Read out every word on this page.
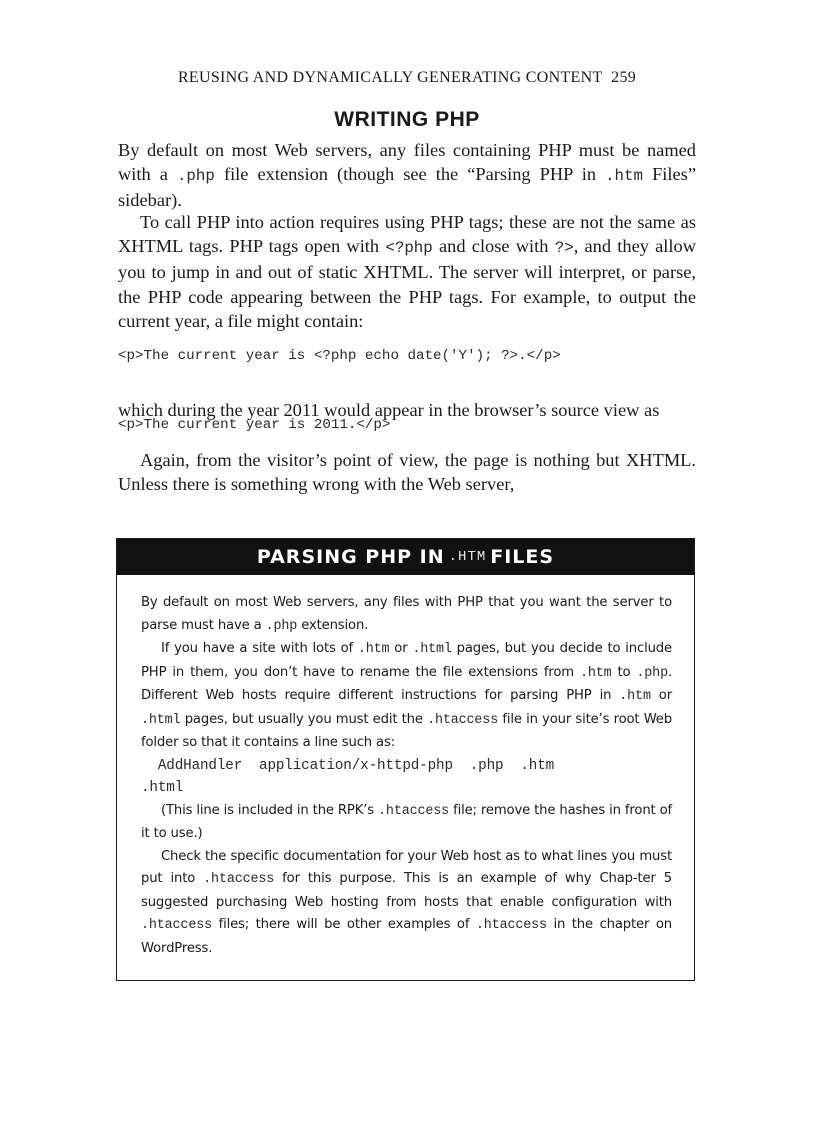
REUSING AND DYNAMICALLY GENERATING CONTENT 259
WRITING PHP
By default on most Web servers, any files containing PHP must be named with a .php file extension (though see the “Parsing PHP in .htm Files” sidebar).
To call PHP into action requires using PHP tags; these are not the same as XHTML tags. PHP tags open with <?php and close with ?>, and they allow you to jump in and out of static XHTML. The server will interpret, or parse, the PHP code appearing between the PHP tags. For example, to output the current year, a file might contain:
<p>The current year is <?php echo date('Y'); ?>.</p>
which during the year 2011 would appear in the browser’s source view as
<p>The current year is 2011.</p>
Again, from the visitor’s point of view, the page is nothing but XHTML. Unless there is something wrong with the Web server,
PARSING PHP IN .HTM FILES

By default on most Web servers, any files with PHP that you want the server to parse must have a .php extension.

If you have a site with lots of .htm or .html pages, but you decide to include PHP in them, you don’t have to rename the file extensions from .htm to .php. Different Web hosts require different instructions for parsing PHP in .htm or .html pages, but usually you must edit the .htaccess file in your site’s root Web folder so that it contains a line such as:

AddHandler  application/x-httpd-php  .php  .htm
.html

(This line is included in the RPK’s .htaccess file; remove the hashes in front of it to use.)

Check the specific documentation for your Web host as to what lines you must put into .htaccess for this purpose. This is an example of why Chap-ter 5 suggested purchasing Web hosting from hosts that enable configuration with .htaccess files; there will be other examples of .htaccess in the chapter on WordPress.
